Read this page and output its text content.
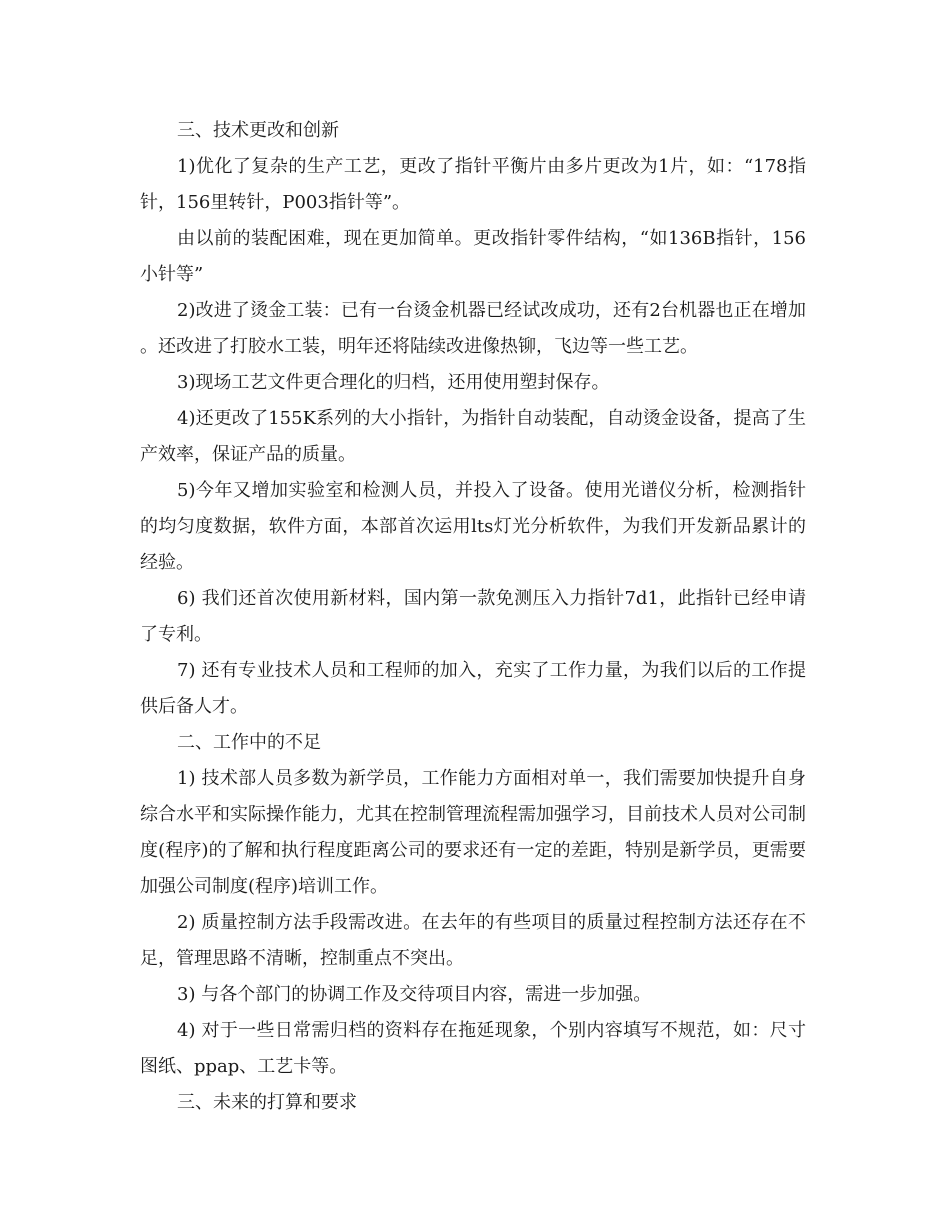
三、技术更改和创新

1)优化了复杂的生产工艺，更改了指针平衡片由多片更改为1片，如：“178指针，156里转针，P003指针等”。

由以前的装配困难，现在更加简单。更改指针零件结构，“如136B指针，156小针等”

2)改进了烫金工装：已有一台烫金机器已经试改成功，还有2台机器也正在增加。还改进了打胶水工装，明年还将陆续改进像热铆，飞边等一些工艺。

3)现场工艺文件更合理化的归档，还用使用塑封保存。

4)还更改了155K系列的大小指针，为指针自动装配，自动烫金设备，提高了生产效率，保证产品的质量。

5)今年又增加实验室和检测人员，并投入了设备。使用光谱仪分析，检测指针的均匀度数据，软件方面，本部首次运用lts灯光分析软件，为我们开发新品累计的经验。

6) 我们还首次使用新材料，国内第一款免测压入力指针7d1，此指针已经申请了专利。

7) 还有专业技术人员和工程师的加入，充实了工作力量，为我们以后的工作提供后备人才。

二、工作中的不足

1) 技术部人员多数为新学员，工作能力方面相对单一，我们需要加快提升自身综合水平和实际操作能力，尤其在控制管理流程需加强学习，目前技术人员对公司制度(程序)的了解和执行程度距离公司的要求还有一定的差距，特别是新学员，更需要加强公司制度(程序)培训工作。

2) 质量控制方法手段需改进。在去年的有些项目的质量过程控制方法还存在不足，管理思路不清晰，控制重点不突出。

3) 与各个部门的协调工作及交待项目内容，需进一步加强。

4) 对于一些日常需归档的资料存在拖延现象，个别内容填写不规范，如：尺寸图纸、ppap、工艺卡等。

三、未来的打算和要求
